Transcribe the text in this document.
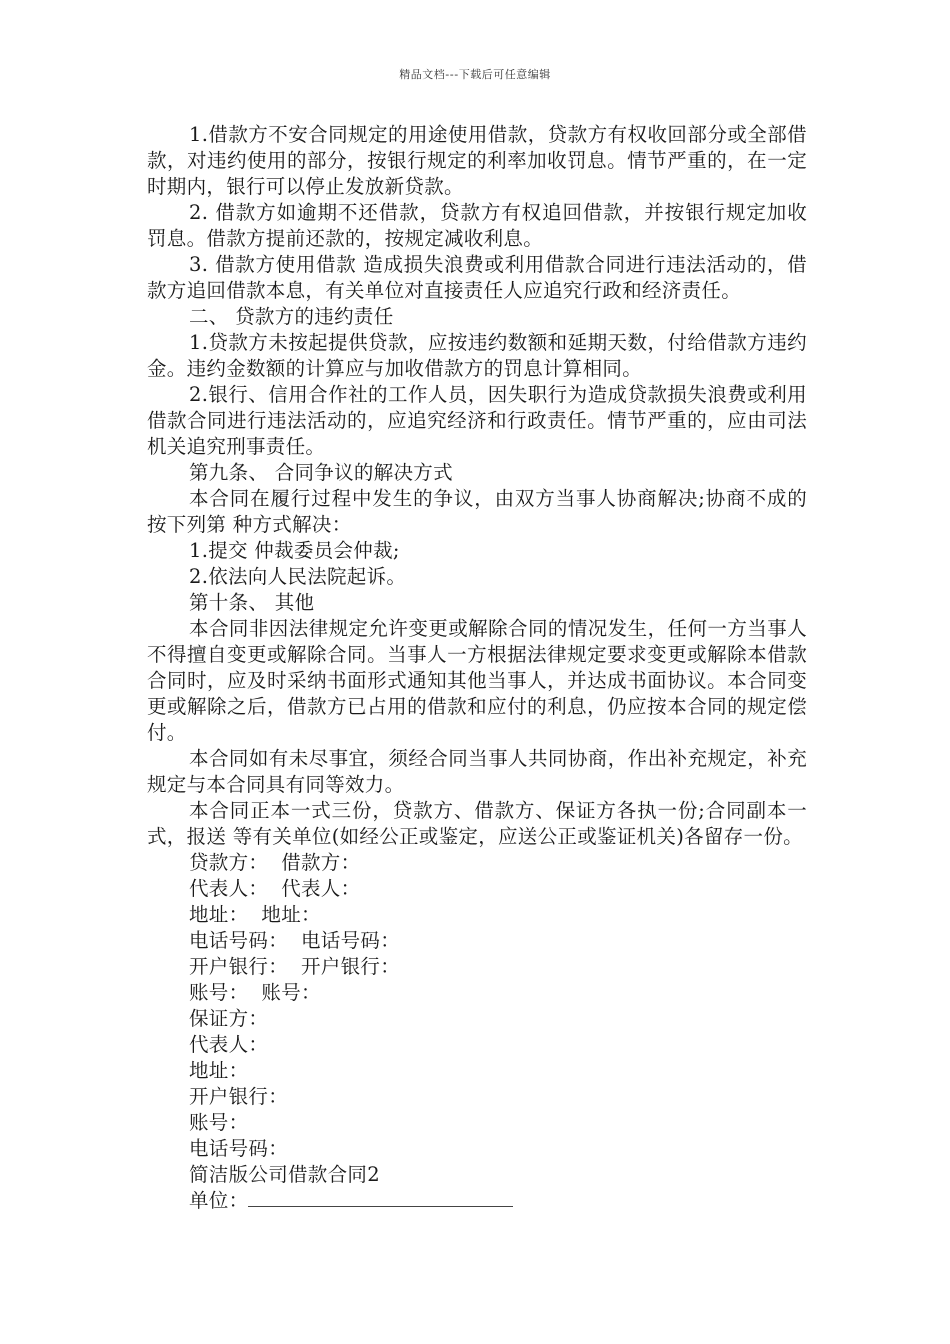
精品文档---下载后可任意编辑

1.借款方不安合同规定的用途使用借款，贷款方有权收回部分或全部借款，对违约使用的部分，按银行规定的利率加收罚息。情节严重的，在一定时期内，银行可以停止发放新贷款。

2. 借款方如逾期不还借款，贷款方有权追回借款，并按银行规定加收罚息。借款方提前还款的，按规定减收利息。

3. 借款方使用借款 造成损失浪费或利用借款合同进行违法活动的，借款方追回借款本息，有关单位对直接责任人应追究行政和经济责任。

二、 贷款方的违约责任

1.贷款方未按起提供贷款，应按违约数额和延期天数，付给借款方违约金。违约金数额的计算应与加收借款方的罚息计算相同。

2.银行、信用合作社的工作人员，因失职行为造成贷款损失浪费或利用借款合同进行违法活动的，应追究经济和行政责任。情节严重的，应由司法机关追究刑事责任。

第九条、 合同争议的解决方式

本合同在履行过程中发生的争议，由双方当事人协商解决;协商不成的按下列第 种方式解决：

1.提交 仲裁委员会仲裁;

2.依法向人民法院起诉。

第十条、 其他

本合同非因法律规定允许变更或解除合同的情况发生，任何一方当事人不得擅自变更或解除合同。当事人一方根据法律规定要求变更或解除本借款合同时，应及时采纳书面形式通知其他当事人，并达成书面协议。本合同变更或解除之后，借款方已占用的借款和应付的利息，仍应按本合同的规定偿付。

本合同如有未尽事宜，须经合同当事人共同协商，作出补充规定，补充规定与本合同具有同等效力。

本合同正本一式三份，贷款方、借款方、保证方各执一份;合同副本一 式，报送 等有关单位(如经公正或鉴定，应送公正或鉴证机关)各留存一份。

贷款方：  借款方：

代表人：  代表人：

地址：  地址：

电话号码：  电话号码：

开户银行：  开户银行：

账号：  账号：

保证方：

代表人：

地址：

开户银行：

账号：

电话号码：

简洁版公司借款合同2

单位：
